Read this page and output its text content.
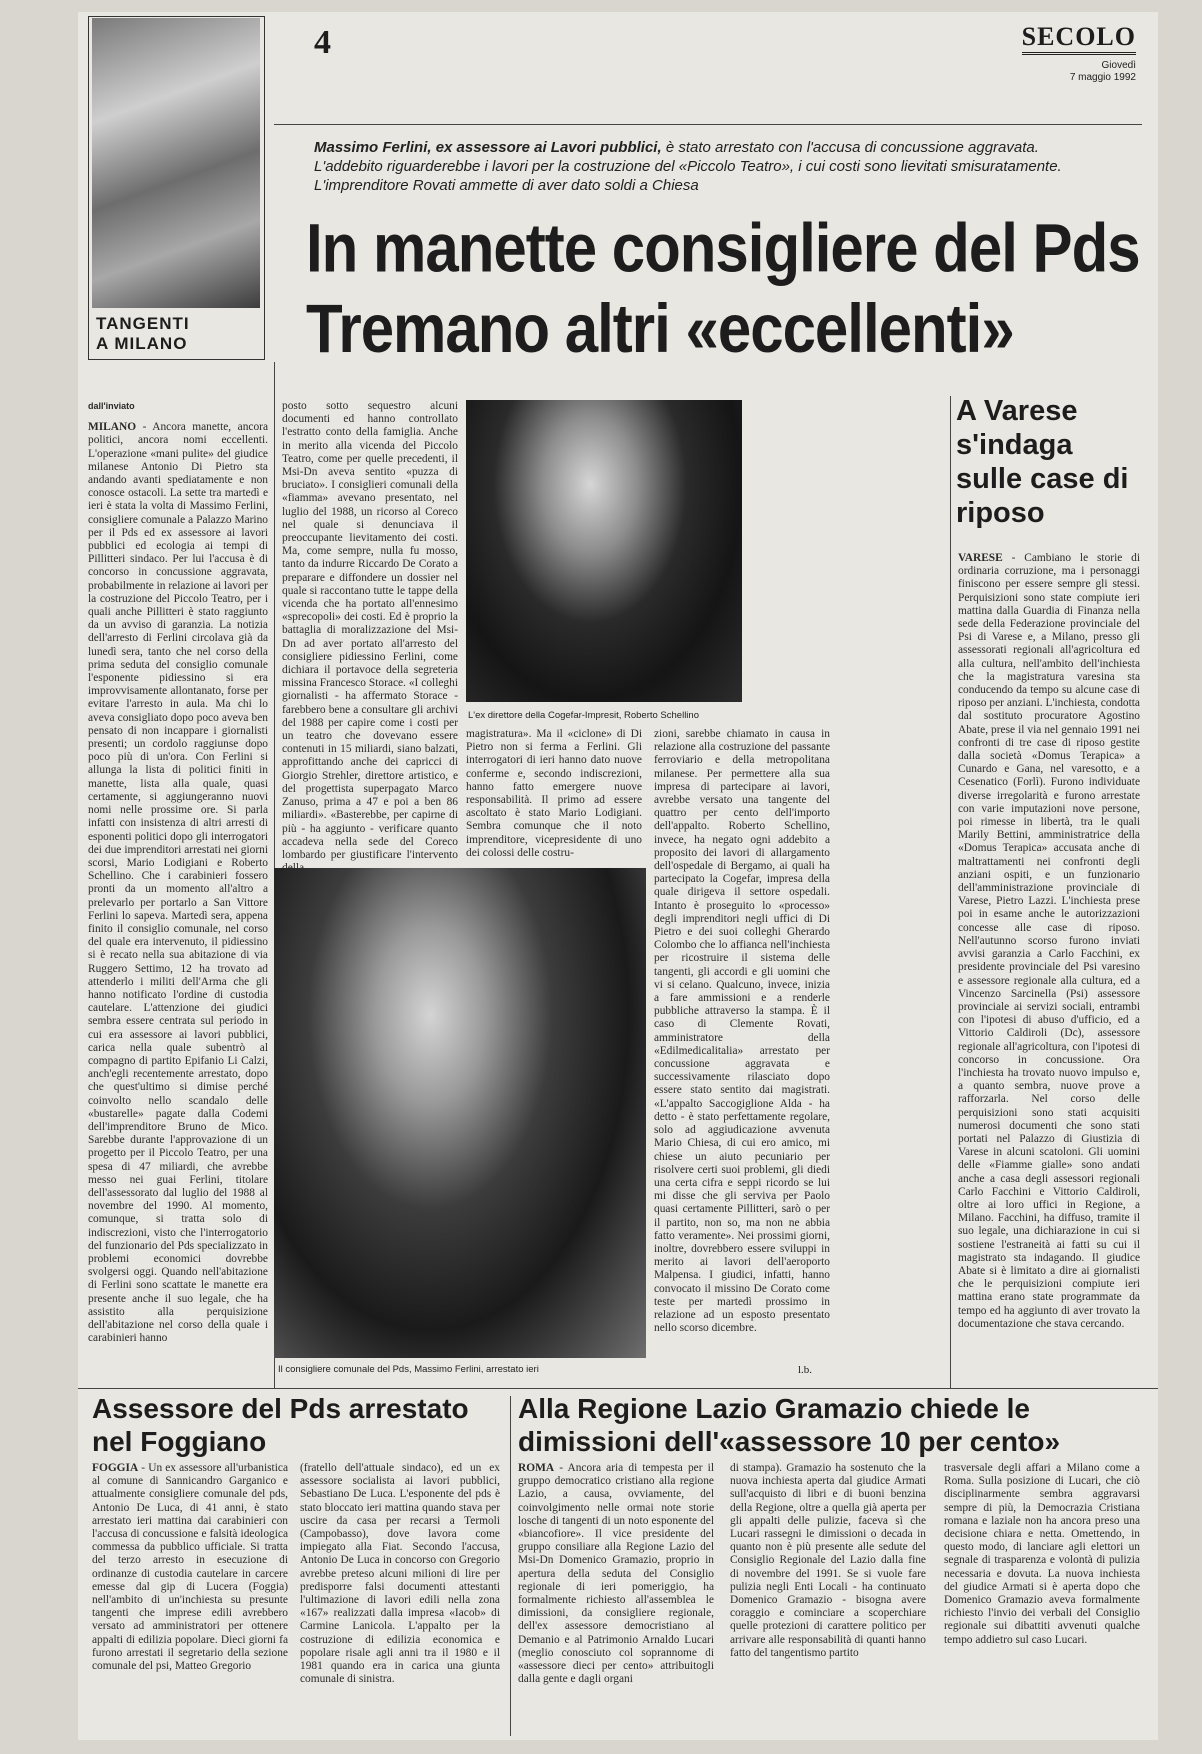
4	SECOLO
Giovedì
7 maggio 1992
TANGENTI
A MILANO
Massimo Ferlini, ex assessore ai Lavori pubblici, è stato arrestato con l'accusa di concussione aggravata. L'addebito riguarderebbe i lavori per la costruzione del «Piccolo Teatro», i cui costi sono lievitati smisuratamente. L'imprenditore Rovati ammette di aver dato soldi a Chiesa
In manette consigliere del Pds
Tremano altri «eccellenti»
dall'inviato
MILANO - Ancora manette, ancora politici, ancora nomi eccellenti. L'operazione «mani pulite» del giudice milanese Antonio Di Pietro sta andando avanti spediatamente e non conosce ostacoli. La sette tra martedì e ieri è stata la volta di Massimo Ferlini, consigliere comunale a Palazzo Marino per il Pds ed ex assessore ai lavori pubblici ed ecologia ai tempi di Pillitteri sindaco. Per lui l'accusa è di concorso in concussione aggravata, probabilmente in relazione ai lavori per la costruzione del Piccolo Teatro, per i quali anche Pillitteri è stato raggiunto da un avviso di garanzia. La notizia dell'arresto di Ferlini circolava già da lunedì sera, tanto che nel corso della prima seduta del consiglio comunale l'esponente pidiessino si era improvvisamente allontanato, forse per evitare l'arresto in aula. Ma chi lo aveva consigliato dopo poco aveva ben pensato di non incappare i giornalisti presenti; un cordolo raggiunse dopo poco più di un'ora. Con Ferlini si allunga la lista di politici finiti in manette, lista alla quale, quasi certamente, si aggiungeranno nuovi nomi nelle prossime ore. Si parla infatti con insistenza di altri arresti di esponenti politici dopo gli interrogatori dei due imprenditori arrestati nei giorni scorsi, Mario Lodigiani e Roberto Schellino. Che i carabinieri fossero pronti da un momento all'altro a prelevarlo per portarlo a San Vittore Ferlini lo sapeva. Martedì sera, appena finito il consiglio comunale, nel corso del quale era intervenuto, il pidiessino si è recato nella sua abitazione di via Ruggero Settimo, 12 ha trovato ad attenderlo i militi dell'Arma che gli hanno notificato l'ordine di custodia cautelare. L'attenzione dei giudici sembra essere centrata sul periodo in cui era assessore ai lavori pubblici, carica nella quale subentrò al compagno di partito Epifanio Li Calzi, anch'egli recentemente arrestato, dopo che quest'ultimo si dimise perché coinvolto nello scandalo delle «bustarelle» pagate dalla Codemi dell'imprenditore Bruno de Mico. Sarebbe durante l'approvazione di un progetto per il Piccolo Teatro, per una spesa di 47 miliardi, che avrebbe messo nei guai Ferlini, titolare dell'assessorato dal luglio del 1988 al novembre del 1990. Al momento, comunque, si tratta solo di indiscrezioni, visto che l'interrogatorio del funzionario del Pds specializzato in problemi economici dovrebbe svolgersi oggi. Quando nell'abitazione di Ferlini sono scattate le manette era presente anche il suo legale, che ha assistito alla perquisizione dell'abitazione nel corso della quale i carabinieri hanno
posto sotto sequestro alcuni documenti ed hanno controllato l'estratto conto della famiglia. Anche in merito alla vicenda del Piccolo Teatro, come per quelle precedenti, il Msi-Dn aveva sentito «puzza di bruciato». I consiglieri comunali della «fiamma» avevano presentato, nel luglio del 1988, un ricorso al Coreco nel quale si denunciava il preoccupante lievitamento dei costi. Ma, come sempre, nulla fu mosso, tanto da indurre Riccardo De Corato a preparare e diffondere un dossier nel quale si raccontano tutte le tappe della vicenda che ha portato all'ennesimo «sprecopoli» dei costi. Ed è proprio la battaglia di moralizzazione del Msi-Dn ad aver portato all'arresto del consigliere pidiessino Ferlini, come dichiara il portavoce della segreteria missina Francesco Storace. «I colleghi giornalisti - ha affermato Storace - farebbero bene a consultare gli archivi del 1988 per capire come i costi per un teatro che dovevano essere contenuti in 15 miliardi, siano balzati, approfittando anche dei capricci di Giorgio Strehler, direttore artistico, e del progettista superpagato Marco Zanuso, prima a 47 e poi a ben 86 miliardi». «Basterebbe, per capirne di più - ha aggiunto - verificare quanto accadeva nella sede del Coreco lombardo per giustificare l'intervento
L'ex direttore della Cogefar-Impresit, Roberto Schellino
magistratura». Ma il «ciclone» di Di Pietro non si ferma a Ferlini. Gli interrogatori di ieri hanno dato nuove conferme e, secondo indiscrezioni, hanno fatto emergere nuove responsabilità. Il primo ad essere ascoltato è stato Mario Lodigiani. Sembra comunque che il noto imprenditore, vicepresidente di uno dei colossi delle costru-
zioni, sarebbe chiamato in causa in relazione alla costruzione del passante ferroviario e della metropolitana milanese. Per permettere alla sua impresa di partecipare ai lavori, avrebbe versato una tangente del quattro per cento dell'importo dell'appalto. Roberto Schellino, invece, ha negato ogni addebito a proposito dei lavori di allargamento dell'ospedale di Bergamo, ai quali ha partecipato la Cogefar, impresa della quale dirigeva il settore ospedali. Intanto è proseguito lo «processo» degli imprenditori negli uffici di Di Pietro e dei suoi colleghi Gherardo Colombo che lo affianca nell'inchiesta per ricostruire il sistema delle tangenti, gli accordi e gli uomini che vi si celano. Qualcuno, invece, inizia a fare ammissioni e a renderle pubbliche attraverso la stampa. È il caso di Clemente Rovati, amministratore della «Edilmedicalitalia» arrestato per concussione aggravata e successivamente rilasciato dopo essere stato sentito dai magistrati. «L'appalto Saccogiglione Alda - ha detto - è stato perfettamente regolare, solo ad aggiudicazione avvenuta Mario Chiesa, di cui ero amico, mi chiese un aiuto pecuniario per risolvere certi suoi problemi, gli diedi una certa cifra e seppi ricordo se lui mi disse che gli serviva per Paolo quasi certamente Pillitteri, sarò o per il partito, non so, ma non ne abbia fatto veramente». Nei prossimi giorni, inoltre, dovrebbero essere sviluppi in merito ai lavori dell'aeroporto Malpensa. I giudici, infatti, hanno convocato il missino De Corato come teste per martedì prossimo in relazione ad un esposto presentato nello scorso dicembre.
l.b.
Il consigliere comunale del Pds, Massimo Ferlini, arrestato ieri
A Varese s'indaga sulle case di riposo
VARESE - Cambiano le storie di ordinaria corruzione, ma i personaggi finiscono per essere sempre gli stessi. Perquisizioni sono state compiute ieri mattina dalla Guardia di Finanza nella sede della Federazione provinciale del Psi di Varese e, a Milano, presso gli assessorati regionali all'agricoltura ed alla cultura, nell'ambito dell'inchiesta che la magistratura varesina sta conducendo da tempo su alcune case di riposo per anziani. L'inchiesta, condotta dal sostituto procuratore Agostino Abate, prese il via nel gennaio 1991 nei confronti di tre case di riposo gestite dalla società «Domus Terapica» a Cunardo e Gana, nel varesotto, e a Cesenatico (Forlì). Furono individuate diverse irregolarità e furono arrestate con varie imputazioni nove persone, poi rimesse in libertà, tra le quali Marily Bettini, amministratrice della «Domus Terapica» accusata anche di maltrattamenti nei confronti degli anziani ospiti, e un funzionario dell'amministrazione provinciale di Varese, Pietro Lazzi. L'inchiesta prese poi in esame anche le autorizzazioni concesse alle case di riposo. Nell'autunno scorso furono inviati avvisi garanzia a Carlo Facchini, ex presidente provinciale del Psi varesino e assessore regionale alla cultura, ed a Vincenzo Sarcinella (Psi) assessore provinciale ai servizi sociali, entrambi con l'ipotesi di abuso d'ufficio, ed a Vittorio Caldiroli (Dc), assessore regionale all'agricoltura, con l'ipotesi di concorso in concussione. Ora l'inchiesta ha trovato nuovo impulso e, a quanto sembra, nuove prove a rafforzarla. Nel corso delle perquisizioni sono stati acquisiti numerosi documenti che sono stati portati nel Palazzo di Giustizia di Varese in alcuni scatoloni. Gli uomini delle «Fiamme gialle» sono andati anche a casa degli assessori regionali Carlo Facchini e Vittorio Caldiroli, oltre ai loro uffici in Regione, a Milano. Facchini, ha diffuso, tramite il suo legale, una dichiarazione in cui si sostiene l'estraneità ai fatti su cui il magistrato sta indagando. Il giudice Abate si è limitato a dire ai giornalisti che le perquisizioni compiute ieri mattina erano state programmate da tempo ed ha aggiunto di aver trovato la documentazione che stava cercando.
Assessore del Pds arrestato nel Foggiano
FOGGIA - Un ex assessore all'urbanistica al comune di Sannicandro Garganico e attualmente consigliere comunale del pds, Antonio De Luca, di 41 anni, è stato arrestato ieri mattina dai carabinieri con l'accusa di concussione e falsità ideologica commessa da pubblico ufficiale. Si tratta del terzo arresto in esecuzione di ordinanze di custodia cautelare in carcere emesse dal gip di Lucera (Foggia) nell'ambito di un'inchiesta su presunte tangenti che imprese edili avrebbero versato ad amministratori per ottenere appalti di edilizia popolare. Dieci giorni fa furono arrestati il segretario della sezione comunale del psi, Matteo Gregorio
(fratello dell'attuale sindaco), ed un ex assessore socialista ai lavori pubblici, Sebastiano De Luca. L'esponente del pds è stato bloccato ieri mattina quando stava per uscire da casa per recarsi a Termoli (Campobasso), dove lavora come impiegato alla Fiat. Secondo l'accusa, Antonio De Luca in concorso con Gregorio avrebbe preteso alcuni milioni di lire per predisporre falsi documenti attestanti l'ultimazione di lavori edili nella zona «167» realizzati dalla impresa «Iacob» di Carmine Lanicola. L'appalto per la costruzione di edilizia economica e popolare risale agli anni tra il 1980 e il 1981 quando era in carica una giunta comunale di sinistra.
Alla Regione Lazio Gramazio chiede le dimissioni dell'«assessore 10 per cento»
ROMA - Ancora aria di tempesta per il gruppo democratico cristiano alla regione Lazio, a causa, ovviamente, del coinvolgimento nelle ormai note storie losche di tangenti di un noto esponente del «biancofiore». Il vice presidente del gruppo consiliare alla Regione Lazio del Msi-Dn Domenico Gramazio, proprio in apertura della seduta del Consiglio regionale di ieri pomeriggio, ha formalmente richiesto all'assemblea le dimissioni, da consigliere regionale, dell'ex assessore democristiano al Demanio e al Patrimonio Arnaldo Lucari (meglio conosciuto col soprannome di «assessore dieci per cento» attribuitogli dalla gente e dagli organi
di stampa). Gramazio ha sostenuto che la nuova inchiesta aperta dal giudice Armati sull'acquisto di libri e di buoni benzina della Regione, oltre a quella già aperta per gli appalti delle pulizie, faceva sì che Lucari rassegni le dimissioni o decada in quanto non è più presente alle sedute del Consiglio Regionale del Lazio dalla fine di novembre del 1991. Se si vuole fare pulizia negli Enti Locali - ha continuato Domenico Gramazio - bisogna avere coraggio e cominciare a scoperchiare quelle protezioni di carattere politico per arrivare alle responsabilità di quanti hanno fatto del tangentismo partito
trasversale degli affari a Milano come a Roma. Sulla posizione di Lucari, che ciò disciplinarmente sembra aggravarsi sempre di più, la Democrazia Cristiana romana e laziale non ha ancora preso una decisione chiara e netta. Omettendo, in questo modo, di lanciare agli elettori un segnale di trasparenza e volontà di pulizia necessaria e dovuta. La nuova inchiesta del giudice Armati si è aperta dopo che Domenico Gramazio aveva formalmente richiesto l'invio dei verbali del Consiglio regionale sui dibattiti avvenuti qualche tempo addietro sul caso Lucari.
